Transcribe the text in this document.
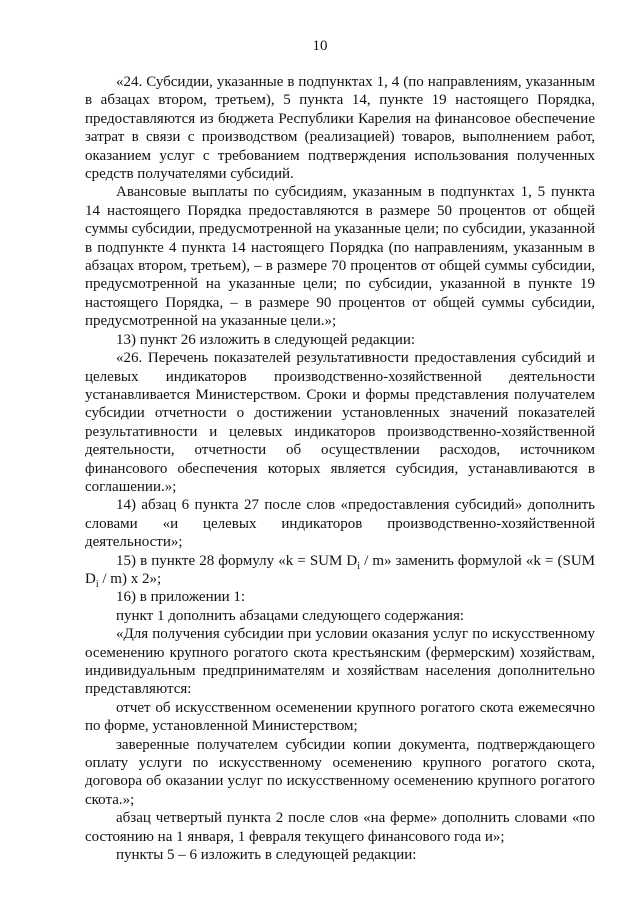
10

«24. Субсидии, указанные в подпунктах 1, 4 (по направлениям, указанным в абзацах втором, третьем), 5 пункта 14, пункте 19 настоящего Порядка, предоставляются из бюджета Республики Карелия на финансовое обеспечение затрат в связи с производством (реализацией) товаров, выполнением работ, оказанием услуг с требованием подтверждения использования полученных средств получателями субсидий.

Авансовые выплаты по субсидиям, указанным в подпунктах 1, 5 пункта 14 настоящего Порядка предоставляются в размере 50 процентов от общей суммы субсидии, предусмотренной на указанные цели; по субсидии, указанной в подпункте 4 пункта 14 настоящего Порядка (по направлениям, указанным в абзацах втором, третьем), – в размере 70 процентов от общей суммы субсидии, предусмотренной на указанные цели; по субсидии, указанной в пункте 19 настоящего Порядка, – в размере 90 процентов от общей суммы субсидии, предусмотренной на указанные цели.»;

13) пункт 26 изложить в следующей редакции:

«26. Перечень показателей результативности предоставления субсидий и целевых индикаторов производственно-хозяйственной деятельности устанавливается Министерством. Сроки и формы представления получателем субсидии отчетности о достижении установленных значений показателей результативности и целевых индикаторов производственно-хозяйственной деятельности, отчетности об осуществлении расходов, источником финансового обеспечения которых является субсидия, устанавливаются в соглашении.»;

14) абзац 6 пункта 27 после слов «предоставления субсидий» дополнить словами «и целевых индикаторов производственно-хозяйственной деятельности»;

15) в пункте 28 формулу «k = SUM $D_i$ / m» заменить формулой «k = (SUM $D_i / m$) x 2»;

16) в приложении 1:

пункт 1 дополнить абзацами следующего содержания:

«Для получения субсидии при условии оказания услуг по искусственному осеменению крупного рогатого скота крестьянским (фермерским) хозяйствам, индивидуальным предпринимателям и хозяйствам населения дополнительно представляются:

отчет об искусственном осеменении крупного рогатого скота ежемесячно по форме, установленной Министерством;

заверенные получателем субсидии копии документа, подтверждающего оплату услуги по искусственному осеменению крупного рогатого скота, договора об оказании услуг по искусственному осеменению крупного рогатого скота.»;

абзац четвертый пункта 2 после слов «на ферме» дополнить словами «по состоянию на 1 января, 1 февраля текущего финансового года и»;

пункты 5 – 6 изложить в следующей редакции:
